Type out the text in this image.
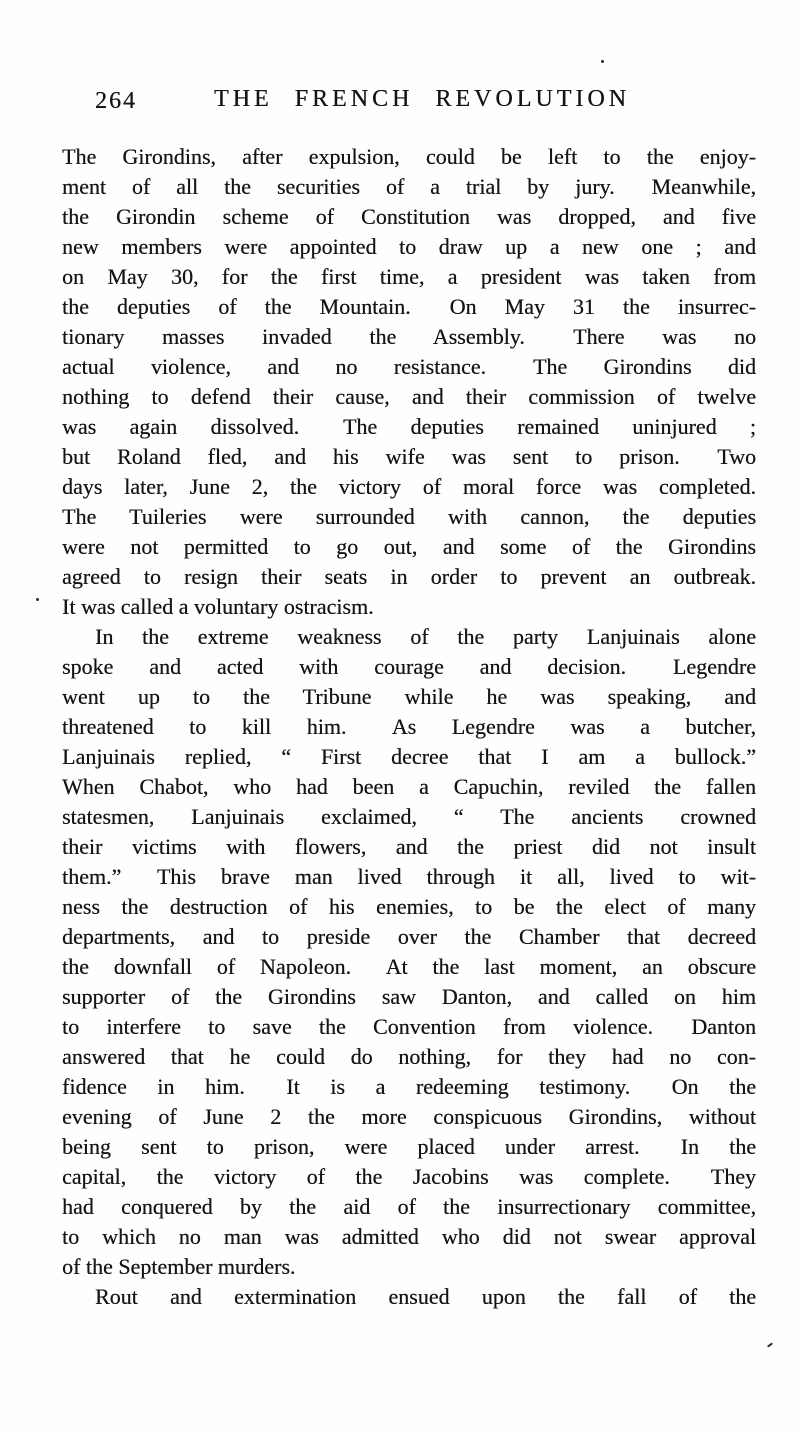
264	THE FRENCH REVOLUTION
The Girondins, after expulsion, could be left to the enjoy-
ment of all the securities of a trial by jury.  Meanwhile,
the Girondin scheme of Constitution was dropped, and five
new members were appointed to draw up a new one ; and
on May 30, for the first time, a president was taken from
the deputies of the Mountain.  On May 31 the insurrec-
tionary masses invaded the Assembly.  There was no
actual violence, and no resistance.  The Girondins did
nothing to defend their cause, and their commission of twelve
was again dissolved.  The deputies remained uninjured ;
but Roland fled, and his wife was sent to prison.  Two
days later, June 2, the victory of moral force was completed.
The Tuileries were surrounded with cannon, the deputies
were not permitted to go out, and some of the Girondins
agreed to resign their seats in order to prevent an outbreak.
It was called a voluntary ostracism.
In the extreme weakness of the party Lanjuinais alone
spoke and acted with courage and decision.  Legendre
went up to the Tribune while he was speaking, and
threatened to kill him.  As Legendre was a butcher,
Lanjuinais replied, “ First decree that I am a bullock.”
When Chabot, who had been a Capuchin, reviled the fallen
statesmen, Lanjuinais exclaimed, “ The ancients crowned
their victims with flowers, and the priest did not insult
them.”  This brave man lived through it all, lived to wit-
ness the destruction of his enemies, to be the elect of many
departments, and to preside over the Chamber that decreed
the downfall of Napoleon.  At the last moment, an obscure
supporter of the Girondins saw Danton, and called on him
to interfere to save the Convention from violence.  Danton
answered that he could do nothing, for they had no con-
fidence in him.  It is a redeeming testimony.  On the
evening of June 2 the more conspicuous Girondins, without
being sent to prison, were placed under arrest.  In the
capital, the victory of the Jacobins was complete.  They
had conquered by the aid of the insurrectionary committee,
to which no man was admitted who did not swear approval
of the September murders.
Rout and extermination ensued upon the fall of the
